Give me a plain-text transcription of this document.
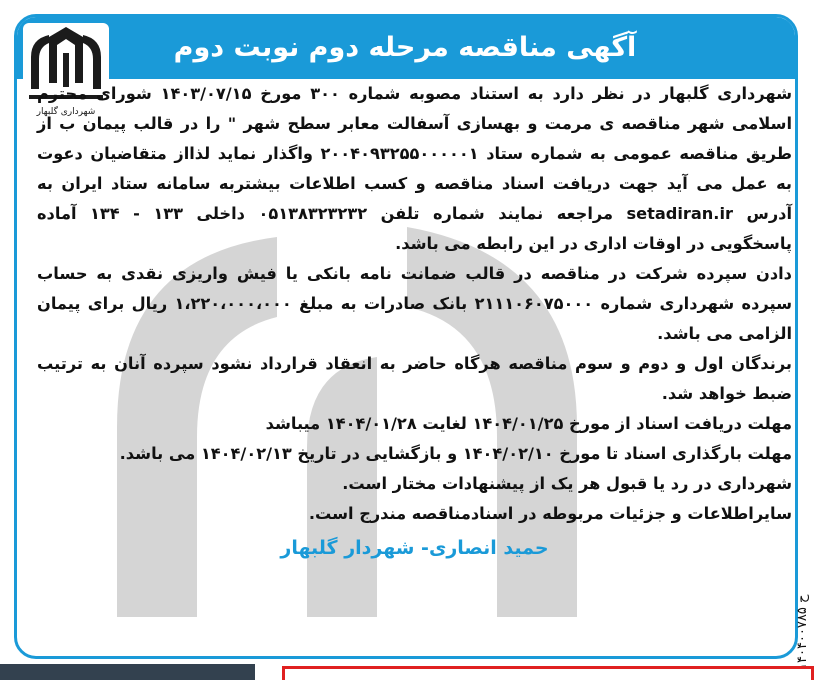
آگهی مناقصه مرحله دوم نوبت دوم
شهرداری گلبهار

شهرداری گلبهار در نظر دارد به استناد مصوبه شماره ۳۰۰ مورخ ۱۴۰۳/۰۷/۱۵ شورای محترم اسلامی شهر مناقصه ی مرمت و بهسازی آسفالت معابر سطح شهر " را در قالب پیمان ب از طریق مناقصه عمومی به شماره ستاد ۲۰۰۴۰۹۳۲۵۵۰۰۰۰۰۱ واگذار نماید لذااز متقاضیان دعوت به عمل می آید جهت دریافت اسناد مناقصه و کسب اطلاعات بیشتربه سامانه ستاد ایران به آدرس setadiran.ir مراجعه نمایند شماره تلفن ۰۵۱۳۸۳۲۳۲۳۲ داخلی ۱۳۳ - ۱۳۴ آماده پاسخگویی در اوقات اداری در این رابطه می باشد.

دادن سپرده شرکت در مناقصه در قالب ضمانت نامه بانکی یا فیش واریزی نقدی به حساب سپرده شهرداری شماره ۲۱۱۱۰۶۰۷۵۰۰۰ بانک صادرات به مبلغ ۱،۲۲۰،۰۰۰،۰۰۰ ریال برای پیمان الزامی می باشد.

برندگان اول و دوم و سوم مناقصه هرگاه حاضر به انعقاد قرارداد نشود سپرده آنان به ترتیب ضبط خواهد شد.

مهلت دریافت اسناد از مورخ ۱۴۰۴/۰۱/۲۵ لغایت ۱۴۰۴/۰۱/۲۸ میباشد

مهلت بارگذاری اسناد تا مورخ ۱۴۰۴/۰۲/۱۰ و بازگشایی در تاریخ ۱۴۰۴/۰۲/۱۳ می باشد.

شهرداری در رد یا قبول هر یک از پیشنهادات مختار است.

سایراطلاعات و جزئیات مربوطه در اسنادمناقصه مندرج است.

حمید انصاری- شهردار گلبهار

ح ۱۴۰۴۰۰۷۸۵
